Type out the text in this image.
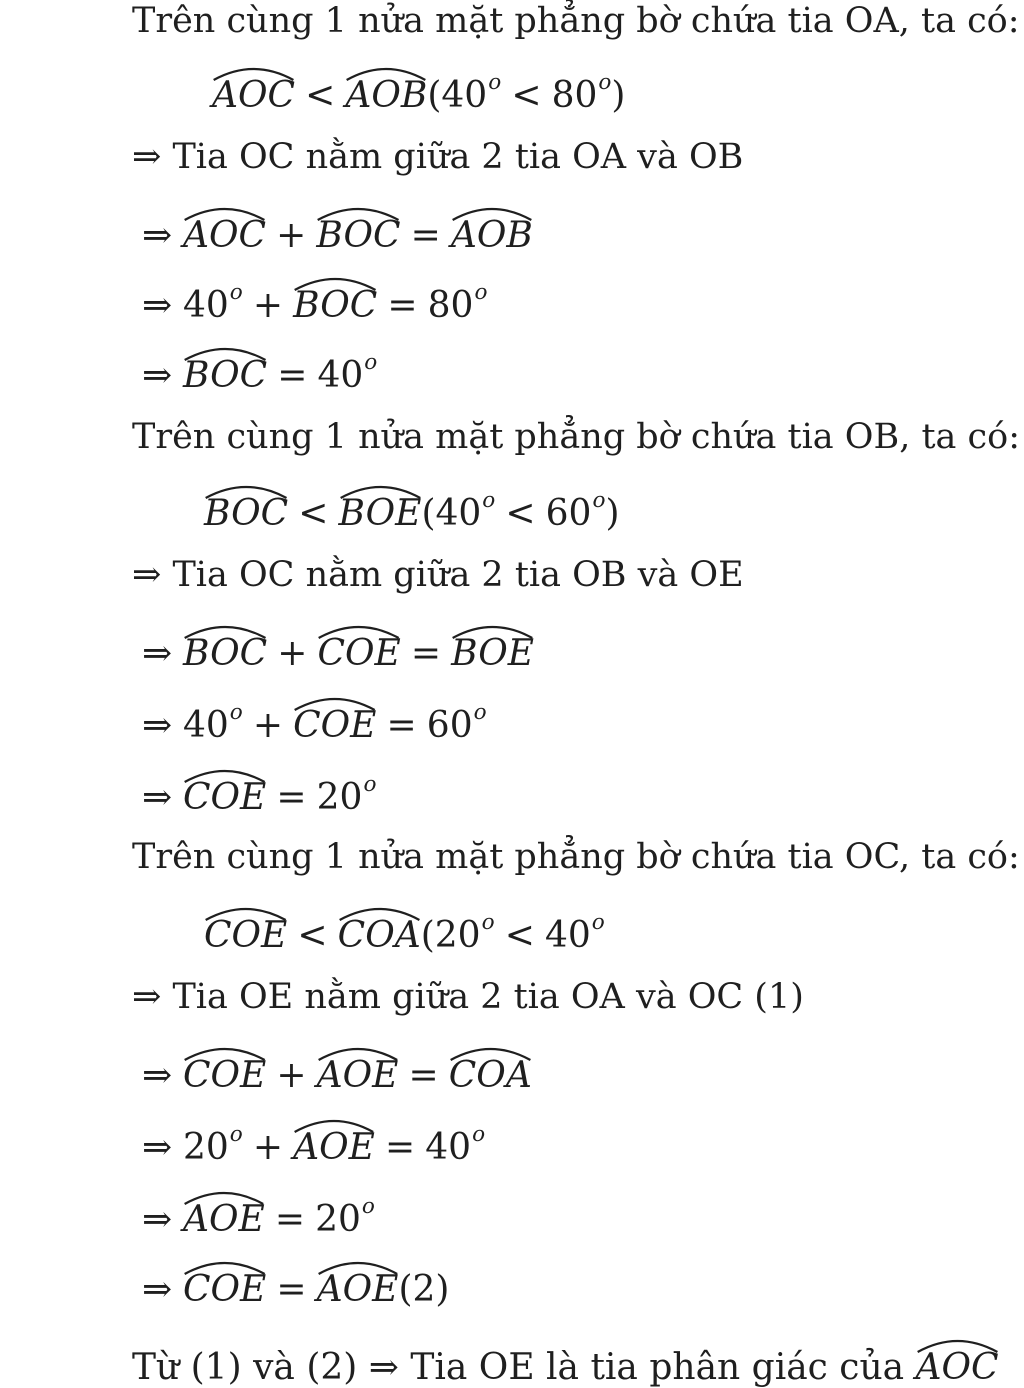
Trên cùng 1 nửa mặt phẳng bờ chứa tia OA, ta có:
AOC < AOB
$(40^o < 80^o)$
⇒ Tia OC nằm giữa 2 tia OA và OB
⇒ AOC + BOC = AOB
⇒ $40^o$ + BOC = $80^o$
⇒ BOC = $40^o$
Trên cùng 1 nửa mặt phẳng bờ chứa tia OB, ta có:
BOC < BOE
$(40^o < 60^o)$
⇒ Tia OC nằm giữa 2 tia OB và OE
⇒ BOC + COE = BOE
⇒ $40^o$ + COE = $60^o$
⇒ COE = $20^o$
Trên cùng 1 nửa mặt phẳng bờ chứa tia OC, ta có:
COE < COA
($20^o < 40^o$
⇒ Tia OE nằm giữa 2 tia OA và OC (1)
⇒ COE + AOE = COA
⇒ $20^o$ + AOE = $40^o$
⇒ AOE = $20^o$
⇒ COE = AOE
(2)
Từ (1) và (2) ⇒ Tia OE là tia phân giác của AOC
